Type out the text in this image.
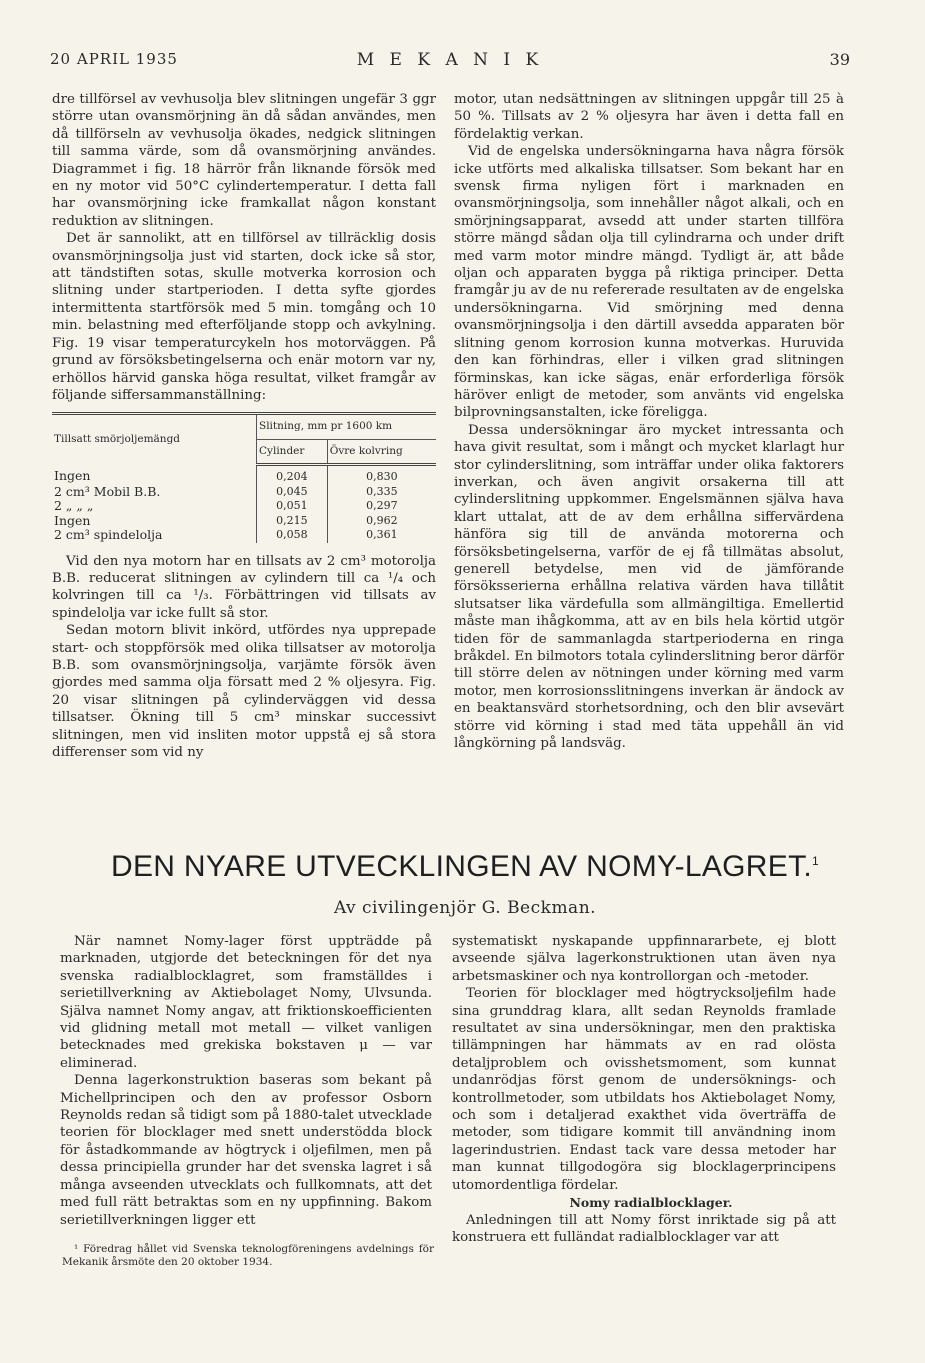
20 APRIL 1935	M E K A N I K	39

dre tillförsel av vevhusolja blev slitningen ungefär 3 ggr större utan ovansmörjning än då sådan användes, men då tillförseln av vevhusolja ökades, nedgick slitningen till samma värde, som då ovansmörjning användes. Diagrammet i fig. 18 härrör från liknande försök med en ny motor vid 50°C cylindertemperatur. I detta fall har ovansmörjning icke framkallat någon konstant reduktion av slitningen.

Det är sannolikt, att en tillförsel av tillräcklig dosis ovansmörjningsolja just vid starten, dock icke så stor, att tändstiften sotas, skulle motverka korrosion och slitning under startperioden. I detta syfte gjordes intermittenta startförsök med 5 min. tomgång och 10 min. belastning med efterföljande stopp och avkylning. Fig. 19 visar temperaturcykeln hos motorväggen. På grund av försöksbetingelserna och enär motorn var ny, erhöllos härvid ganska höga resultat, vilket framgår av följande siffersammanställning:

Tillsatt smörjoljemängd	Slitning, mm pr 1600 km	
	Cylinder	Övre kolvring
Ingen	0,204	0,830
2 cm³ Mobil B.B.	0,045	0,335
2 „ „ „	0,051	0,297
Ingen	0,215	0,962
2 cm³ spindelolja	0,058	0,361

Vid den nya motorn har en tillsats av 2 cm³ motorolja B.B. reducerat slitningen av cylindern till ca ¹/₄ och kolvringen till ca ¹/₃. Förbättringen vid tillsats av spindelolja var icke fullt så stor.

Sedan motorn blivit inkörd, utfördes nya upprepade start- och stoppförsök med olika tillsatser av motorolja B.B. som ovansmörjningsolja, varjämte försök även gjordes med samma olja försatt med 2 % oljesyra. Fig. 20 visar slitningen på cylinderväggen vid dessa tillsatser. Ökning till 5 cm³ minskar successivt slitningen, men vid insliten motor uppstå ej så stora differenser som vid ny

motor, utan nedsättningen av slitningen uppgår till 25 à 50 %. Tillsats av 2 % oljesyra har även i detta fall en fördelaktig verkan.

Vid de engelska undersökningarna hava några försök icke utförts med alkaliska tillsatser. Som bekant har en svensk firma nyligen fört i marknaden en ovansmörjningsolja, som innehåller något alkali, och en smörjningsapparat, avsedd att under starten tillföra större mängd sådan olja till cylindrarna och under drift med varm motor mindre mängd. Tydligt är, att både oljan och apparaten bygga på riktiga principer. Detta framgår ju av de nu refererade resultaten av de engelska undersökningarna. Vid smörjning med denna ovansmörjningsolja i den därtill avsedda apparaten bör slitning genom korrosion kunna motverkas. Huruvida den kan förhindras, eller i vilken grad slitningen förminskas, kan icke sägas, enär erforderliga försök häröver enligt de metoder, som använts vid engelska bilprovningsanstalten, icke föreligga.

Dessa undersökningar äro mycket intressanta och hava givit resultat, som i mångt och mycket klarlagt hur stor cylinderslitning, som inträffar under olika faktorers inverkan, och även angivit orsakerna till att cylinderslitning uppkommer. Engelsmännen själva hava klart uttalat, att de av dem erhållna siffervärdena hänföra sig till de använda motorerna och försöksbetingelserna, varför de ej få tillmätas absolut, generell betydelse, men vid de jämförande försöksserierna erhållna relativa värden hava tillåtit slutsatser lika värdefulla som allmängiltiga. Emellertid måste man ihågkomma, att av en bils hela körtid utgör tiden för de sammanlagda startperioderna en ringa bråkdel. En bilmotors totala cylinderslitning beror därför till större delen av nötningen under körning med varm motor, men korrosionsslitningens inverkan är ändock av en beaktansvärd storhetsordning, och den blir avsevärt större vid körning i stad med täta uppehåll än vid långkörning på landsväg.

DEN NYARE UTVECKLINGEN AV NOMY-LAGRET.$^1$
Av civilingenjör G. Beckman.

När namnet Nomy-lager först uppträdde på marknaden, utgjorde det beteckningen för det nya svenska radialblocklagret, som framställdes i serietillverkning av Aktiebolaget Nomy, Ulvsunda. Själva namnet Nomy angav, att friktionskoefficienten vid glidning metall mot metall — vilket vanligen betecknades med grekiska bokstaven μ — var eliminerad.

Denna lagerkonstruktion baseras som bekant på Michellprincipen och den av professor Osborn Reynolds redan så tidigt som på 1880-talet utvecklade teorien för blocklager med snett understödda block för åstadkommande av högtryck i oljefilmen, men på dessa principiella grunder har det svenska lagret i så många avseenden utvecklats och fullkomnats, att det med full rätt betraktas som en ny uppfinning. Bakom serietillverkningen ligger ett

¹ Föredrag hållet vid Svenska teknologföreningens avdelnings för Mekanik årsmöte den 20 oktober 1934.

systematiskt nyskapande uppfinnararbete, ej blott avseende själva lagerkonstruktionen utan även nya arbetsmaskiner och nya kontrollorgan och -metoder.

Teorien för blocklager med högtrycksoljefilm hade sina grunddrag klara, allt sedan Reynolds framlade resultatet av sina undersökningar, men den praktiska tillämpningen har hämmats av en rad olösta detaljproblem och ovisshetsmoment, som kunnat undanrödjas först genom de undersöknings- och kontrollmetoder, som utbildats hos Aktiebolaget Nomy, och som i detaljerad exakthet vida överträffa de metoder, som tidigare kommit till användning inom lagerindustrien. Endast tack vare dessa metoder har man kunnat tillgodogöra sig blocklagerprincipens utomordentliga fördelar.

Nomy radialblocklager.

Anledningen till att Nomy först inriktade sig på att konstruera ett fulländat radialblocklager var att
